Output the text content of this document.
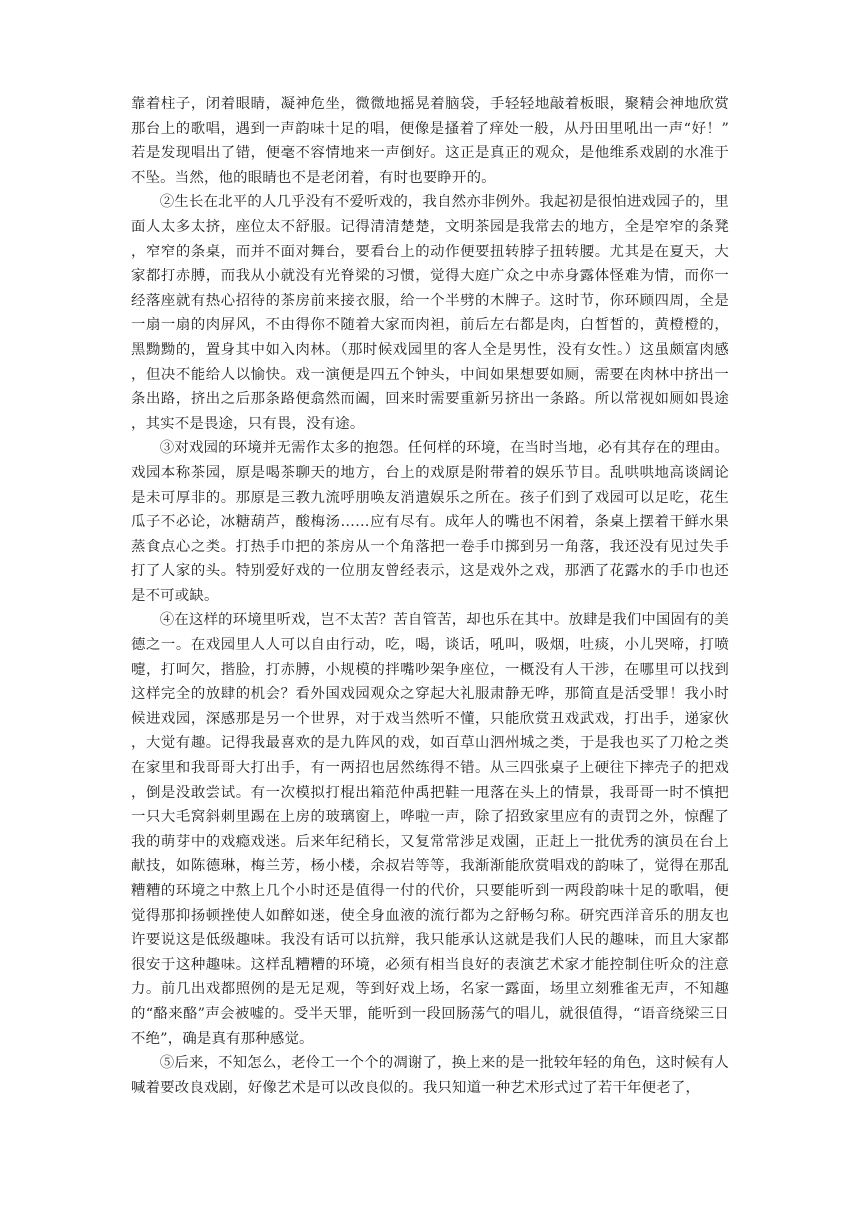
靠着柱子，闭着眼睛，凝神危坐，微微地摇晃着脑袋，手轻轻地敲着板眼，聚精会神地欣赏那台上的歌唱，遇到一声韵味十足的唱，便像是搔着了痒处一般，从丹田里吼出一声“好！”若是发现唱出了错，便毫不容情地来一声倒好。这正是真正的观众，是他维系戏剧的水准于不坠。当然，他的眼睛也不是老闭着，有时也要睁开的。

②生长在北平的人几乎没有不爱听戏的，我自然亦非例外。我起初是很怕进戏园子的，里面人太多太挤，座位太不舒服。记得清清楚楚，文明茶园是我常去的地方，全是窄窄的条凳，窄窄的条桌，而并不面对舞台，要看台上的动作便要扭转脖子扭转腰。尤其是在夏天，大家都打赤膊，而我从小就没有光脊梁的习惯，觉得大庭广众之中赤身露体怪难为情，而你一经落座就有热心招待的茶房前来接衣服，给一个半劈的木牌子。这时节，你环顾四周，全是一扇一扇的肉屏风，不由得你不随着大家而肉袒，前后左右都是肉，白皙皙的，黄橙橙的，黑黝黝的，置身其中如入肉林。（那时候戏园里的客人全是男性，没有女性。）这虽颇富肉感，但决不能给人以愉快。戏一演便是四五个钟头，中间如果想要如厕，需要在肉林中挤出一条出路，挤出之后那条路便翕然而阖，回来时需要重新另挤出一条路。所以常视如厕如畏途，其实不是畏途，只有畏，没有途。

③对戏园的环境并无需作太多的抱怨。任何样的环境，在当时当地，必有其存在的理由。戏园本称茶园，原是喝茶聊天的地方，台上的戏原是附带着的娱乐节目。乱哄哄地高谈阔论是未可厚非的。那原是三教九流呼朋唤友消遣娱乐之所在。孩子们到了戏园可以足吃，花生瓜子不必论，冰糖葫芦，酸梅汤……应有尽有。成年人的嘴也不闲着，条桌上摆着干鲜水果蒸食点心之类。打热手巾把的茶房从一个角落把一卷手巾掷到另一角落，我还没有见过失手打了人家的头。特别爱好戏的一位朋友曾经表示，这是戏外之戏，那洒了花露水的手巾也还是不可或缺。

④在这样的环境里听戏，岂不太苦？苦自管苦，却也乐在其中。放肆是我们中国固有的美德之一。在戏园里人人可以自由行动，吃，喝，谈话，吼叫，吸烟，吐痰，小儿哭啼，打喷嚏，打呵欠，揩脸，打赤膊，小规模的拌嘴吵架争座位，一概没有人干涉，在哪里可以找到这样完全的放肆的机会？看外国戏园观众之穿起大礼服肃静无哗，那简直是活受罪！我小时候进戏园，深感那是另一个世界，对于戏当然听不懂，只能欣赏丑戏武戏，打出手，递家伙，大觉有趣。记得我最喜欢的是九阵风的戏，如百草山泗州城之类，于是我也买了刀枪之类在家里和我哥哥大打出手，有一两招也居然练得不错。从三四张桌子上硬往下摔壳子的把戏，倒是没敢尝试。有一次模拟打棍出箱范仲禹把鞋一甩落在头上的情景，我哥哥一时不慎把一只大毛窝斜刺里踢在上房的玻璃窗上，哗啦一声，除了招致家里应有的责罚之外，惊醒了我的萌芽中的戏瘾戏迷。后来年纪稍长，又复常常涉足戏園，正赶上一批优秀的演员在台上献技，如陈德琳，梅兰芳，杨小楼，余叔岩等等，我渐渐能欣赏唱戏的韵味了，觉得在那乱糟糟的环境之中熬上几个小时还是值得一付的代价，只要能听到一两段韵味十足的歌唱，便觉得那抑扬顿挫使人如醉如迷，使全身血液的流行都为之舒畅匀称。研究西洋音乐的朋友也许要说这是低级趣味。我没有话可以抗辩，我只能承认这就是我们人民的趣味，而且大家都很安于这种趣味。这样乱糟糟的环境，必须有相当良好的表演艺术家才能控制住听众的注意力。前几出戏都照例的是无足观，等到好戏上场，名家一露面，场里立刻雅雀无声，不知趣的“酪来酪”声会被嘘的。受半天罪，能听到一段回肠荡气的唱儿，就很值得，“语音绕梁三日不绝”，确是真有那种感觉。

⑤后来，不知怎么，老伶工一个个的凋谢了，换上来的是一批较年轻的角色，这时候有人喊着要改良戏剧，好像艺术是可以改良似的。我只知道一种艺术形式过了若干年便老了，
